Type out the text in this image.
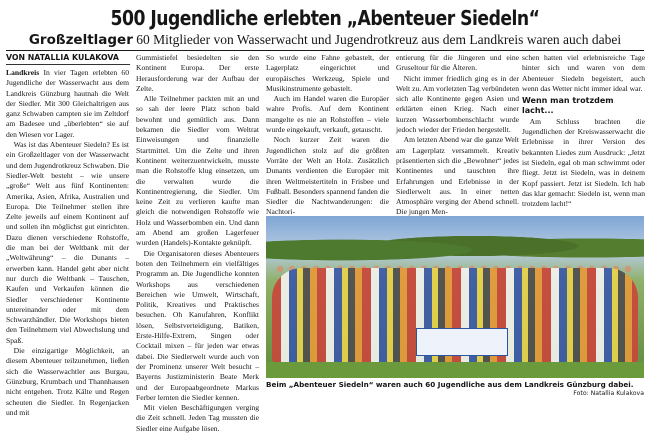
500 Jugendliche erlebten „Abenteuer Siedeln“
Großzeltlager 60 Mitglieder von Wasserwacht und Jugendrotkreuz aus dem Landkreis waren auch dabei
VON NATALLIA KULAKOVA

Landkreis In vier Tagen erlebten 60 Jugendliche der Wasserwacht aus dem Landkreis Günzburg hautnah die Welt der Siedler. Mit 300 Gleichaltrigen aus ganz Schwaben campten sie im Zeltdorf am Badesee und „überlebten“ sie auf den Wiesen vor Lager.

 Was ist das Abenteuer Siedeln? Es ist ein Großzeltlager von der Wasserwacht und dem Jugendrotkreuz Schwaben. Die Siedler-Welt besteht – wie unsere „große“ Welt aus fünf Kontinenten: Amerika, Asien, Afrika, Australien und Europa. Die Teilnehmer stellen ihre Zelte jeweils auf einem Kontinent auf und sollen ihn möglichst gut einrichten. Dazu dienen verschiedene Rohstoffe, die man bei der Weltbank mit der „Weltwährung“ – die Dunants – erwerben kann. Handel geht aber nicht nur durch die Weltbank – Tauschen, Kaufen und Verkaufen können die Siedler verschiedener Kontinente untereinander oder mit dem Schwarzhändler. Die Workshops bieten den Teilnehmern viel Abwechslung und Spaß.

 Die einzigartige Möglichkeit, an diesem Abenteuer teilzunehmen, ließen sich die Wasserwachtler aus Burgau, Günzburg, Krumbach und Thannhausen nicht entgehen. Trotz Kälte und Regen scheuten die Siedler. In Regenjacken und mit

Gummistiefel besiedelten sie den Kontinent Europa. Der erste Herausforderung war der Aufbau der Zelte.

 Alle Teilnehmer packten mit an und so sah der leere Platz schon bald bewohnt und gemütlich aus. Dann bekamen die Siedler vom Weltrat Einweisungen und finanzielle Startmittel. Um die Zelte und ihren Kontinent weiterzuentwickeln, musste man die Rohstoffe klug einsetzen, um die verwalten wurde die Kontinentregierung, die Siedler. Um keine Zeit zu verlieren kaufte man gleich die notwendigen Rohstoffe wie Holz und Wasserbomben ein. Und dann am Abend am großen Lagerfeuer wurden (Handels)-Kontakte geknüpft.

 Die Organisatoren dieses Abenteuers boten den Teilnehmern ein vielfältiges Programm an. Die Jugendliche konnten Workshops aus verschiedenen Bereichen wie Umwelt, Wirtschaft, Politik, Kreatives und Praktisches besuchen. Oh Kanufahren, Konflikt lösen, Selbstverteidigung, Batiken, Erste-Hilfe-Extrem, Singen oder Cocktail mixen – für jeden war etwas dabei. Die Siedlerwelt wurde auch von der Prominenz unserer Welt besucht – Bayerns Justizministerin Beate Merk und der Europaabgeordnete Markus Ferber lernten die Siedler kennen.

 Mit vielen Beschäftigungen verging die Zeit schnell. Jeden Tag mussten die Siedler eine Aufgabe lösen.

So wurde eine Fahne gebastelt, der Lagerplatz eingerichtet und europäisches Werkzeug, Spiele und Musikinstrumente gebastelt.

 Auch im Handel waren die Europäer wahre Profis. Auf dem Kontinent mangelte es nie an Rohstoffen – viele wurde eingekauft, verkauft, getauscht.

 Noch kurzer Zeit waren die Jugendlichen stolz auf die größten Vorräte der Welt an Holz. Zusätzlich Dunants verdienten die Europäer mit ihren Weltmeistertiteln in Frisbee und Fußball. Besonders spannend fanden die Siedler die Nachtwanderungen: die Nachtori-

entierung für die Jüngeren und eine Gruseltour für die Älteren.

 Nicht immer friedlich ging es in der Welt zu. Am vorletzten Tag verbündeten sich alle Kontinente gegen Asien und erklärten einen Krieg. Nach einer kurzen Wasserbombenschlacht wurde jedoch wieder der Frieden hergestellt.

 Am letzten Abend war die ganze Welt am Lagerplatz versammelt. Kreativ präsentierten sich die „Bewohner“ jedes Kontinentes und tauschten ihre Erfahrungen und Erlebnisse in der Siedlerwelt aus. In einer netten Atmosphäre verging der Abend schnell. Die jungen Men-

schen hatten viel erlebnisreiche Tage hinter sich und waren von dem Abenteuer Siedeln begeistert, auch wenn das Wetter nicht immer ideal war.

Wenn man trotzdem lacht...

 Am Schluss brachten die Jugendlichen der Kreiswasserwacht die Erlebnisse in ihrer Version des bekannten Liedes zum Ausdruck: „Jetzt ist Siedeln, egal ob man schwimmt oder fliegt. Jetzt ist Siedeln, was in deinem Kopf passiert. Jetzt ist Siedeln. Ich hab das klar gemacht: Siedeln ist, wenn man trotzdem lacht!“

Beim „Abenteuer Siedeln“ waren auch 60 Jugendliche aus dem Landkreis Günzburg dabei.
Foto: Natallia Kulakova
